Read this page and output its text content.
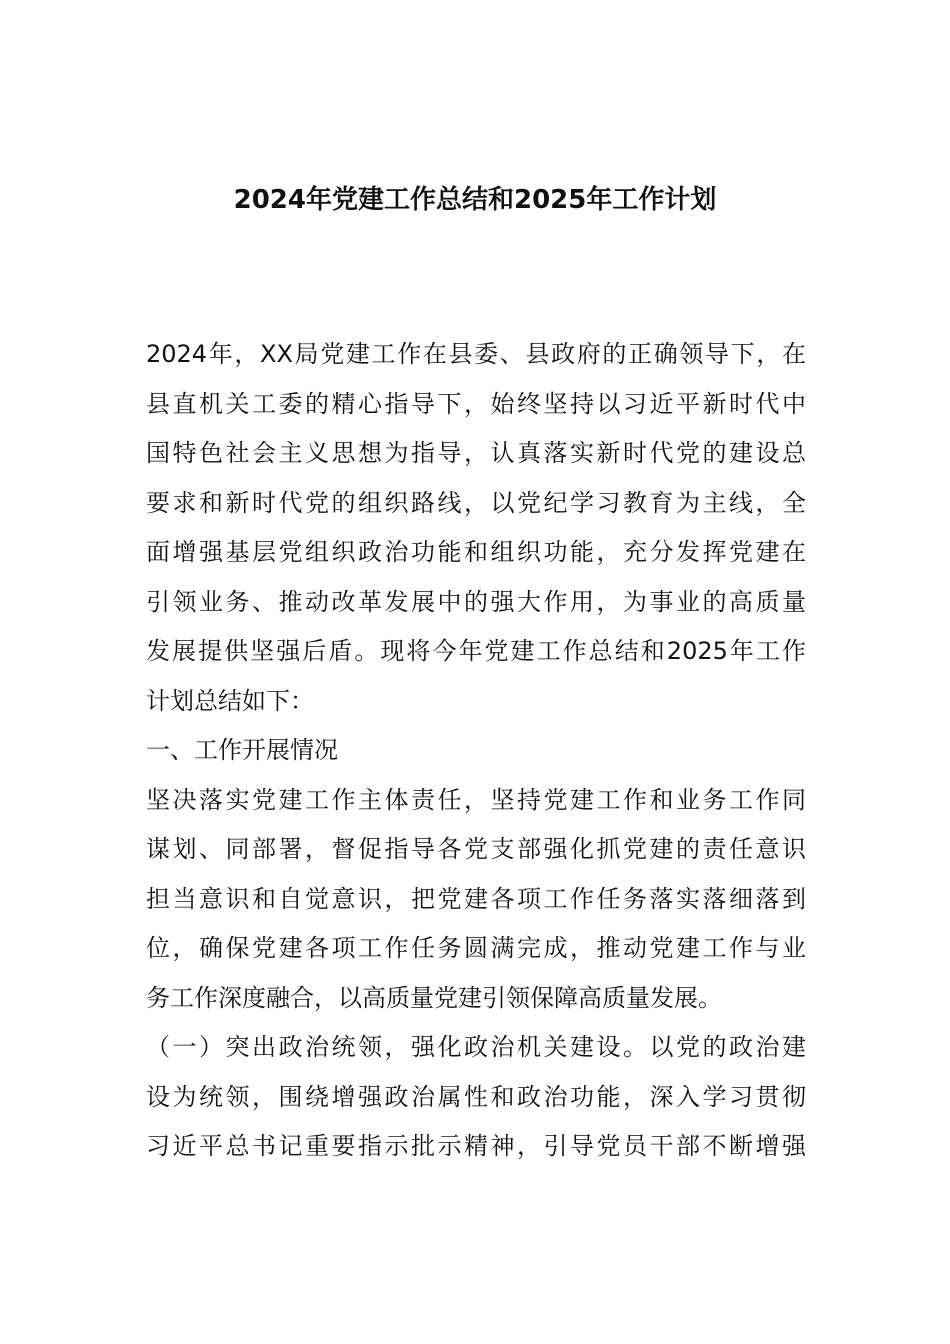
2024年党建工作总结和2025年工作计划
2024年，XX局党建工作在县委、县政府的正确领导下，在
县直机关工委的精心指导下，始终坚持以习近平新时代中
国特色社会主义思想为指导，认真落实新时代党的建设总
要求和新时代党的组织路线，以党纪学习教育为主线，全
面增强基层党组织政治功能和组织功能，充分发挥党建在
引领业务、推动改革发展中的强大作用，为事业的高质量
发展提供坚强后盾。现将今年党建工作总结和2025年工作
计划总结如下：
一、工作开展情况
坚决落实党建工作主体责任，坚持党建工作和业务工作同
谋划、同部署，督促指导各党支部强化抓党建的责任意识
担当意识和自觉意识，把党建各项工作任务落实落细落到
位，确保党建各项工作任务圆满完成，推动党建工作与业
务工作深度融合，以高质量党建引领保障高质量发展。
（一）突出政治统领，强化政治机关建设。以党的政治建
设为统领，围绕增强政治属性和政治功能，深入学习贯彻
习近平总书记重要指示批示精神，引导党员干部不断增强
